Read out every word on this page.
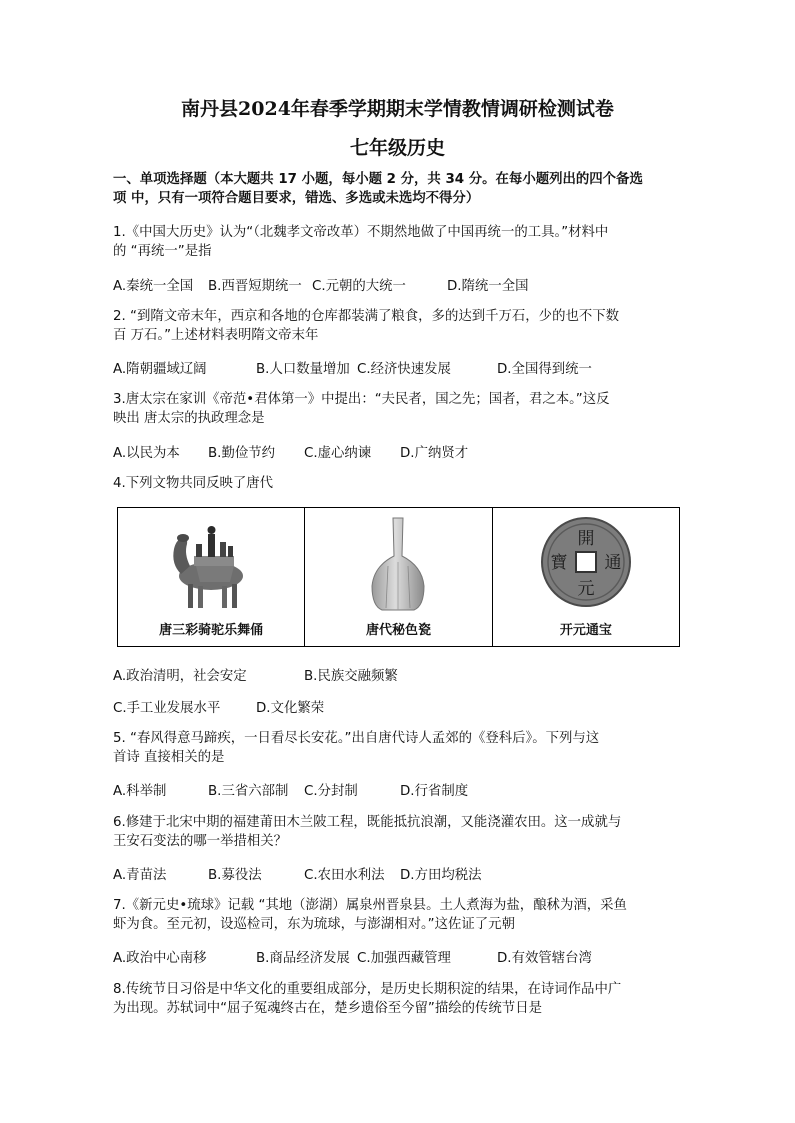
南丹县2024年春季学期期末学情教情调研检测试卷
七年级历史
一、单项选择题（本大题共 17 小题，每小题 2 分，共 34 分。在每小题列出的四个备选
项 中，只有一项符合题目要求，错选、多选或未选均不得分）
1.《中国大历史》认为“（北魏孝文帝改革）不期然地做了中国再统一的工具。”材料中
的 “再统一”是指
A.秦统一全国 B.西晋短期统一 C.元朝的大统一	D.隋统一全国
2. “到隋文帝末年，西京和各地的仓库都装满了粮食，多的达到千万石，少的也不下数
百 万石。”上述材料表明隋文帝末年
A.隋朝疆域辽阔	B.人口数量增加 C.经济快速发展	D.全国得到统一
3.唐太宗在家训《帝范•君体第一》中提出：“夫民者，国之先；国者，君之本。”这反
映出 唐太宗的执政理念是
A.以民为本 B.勤俭节约 C.虚心纳谏 D.广纳贤才
4.下列文物共同反映了唐代
唐三彩骑驼乐舞俑	唐代秘色瓷
開
元
通
寶
开元通宝
A.政治清明，社会安定	B.民族交融频繁
C.手工业发展水平	D.文化繁荣
5. “春风得意马蹄疾，一日看尽长安花。”出自唐代诗人孟郊的《登科后》。下列与这
首诗 直接相关的是
A.科举制	B.三省六部制 C.分封制	D.行省制度
6.修建于北宋中期的福建莆田木兰陂工程，既能抵抗浪潮，又能浇灌农田。这一成就与
王安石变法的哪一举措相关？
A.青苗法	B.募役法	C.农田水利法 D.方田均税法
7.《新元史•琉球》记载 “其地（澎湖）属泉州晋泉县。土人煮海为盐，酿秫为酒，采鱼
虾为食。至元初，设巡检司，东为琉球，与澎湖相对。”这佐证了元朝
A.政治中心南移	B.商品经济发展 C.加强西藏管理	D.有效管辖台湾
8.传统节日习俗是中华文化的重要组成部分，是历史长期积淀的结果，在诗词作品中广
为出现。苏轼词中“屈子冤魂终古在，楚乡遗俗至今留”描绘的传统节日是
